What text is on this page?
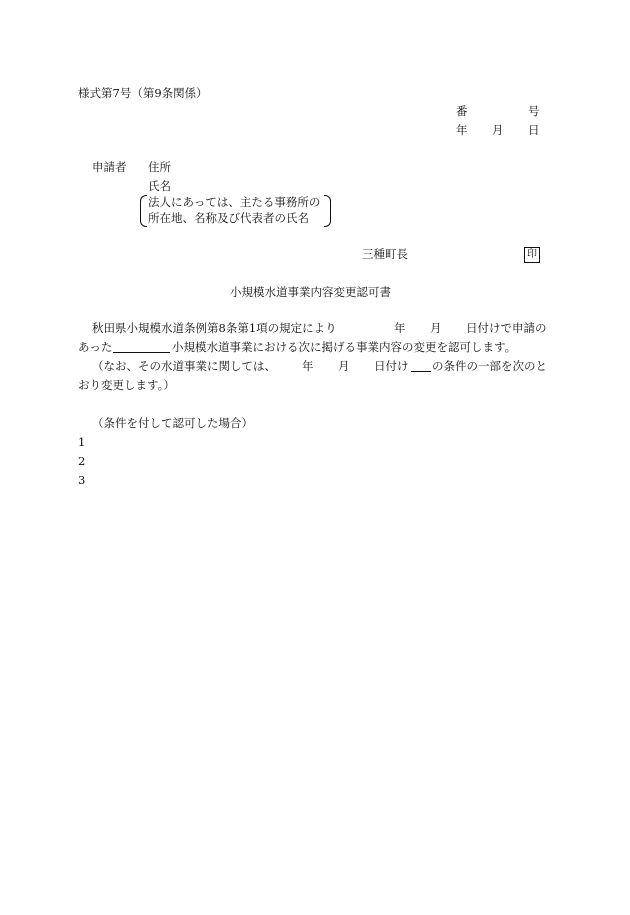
様式第7号（第9条関係）
番	号
年 月 日
申請者 住所
氏名
法人にあっては、主たる事務所の
所在地、名称及び代表者の氏名
三種町長	印
小規模水道事業内容変更認可書
秋田県小規模水道条例第8条第1項の規定により	年 月 日付けで申請の
あった	小規模水道事業における次に掲げる事業内容の変更を認可します。
（なお、その水道事業に関しては、 年 月 日付け の条件の一部を次のと
おり変更します。）
（条件を付して認可した場合）
1
2
3
